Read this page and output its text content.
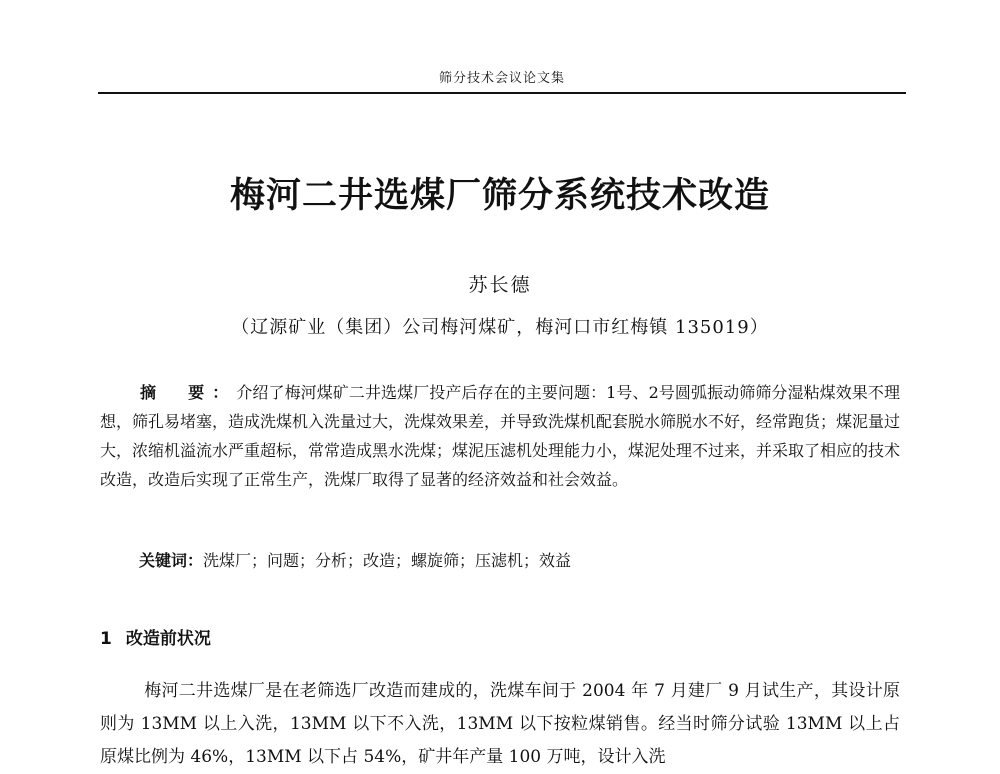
筛分技术会议论文集
梅河二井选煤厂筛分系统技术改造
苏长德
（辽源矿业（集团）公司梅河煤矿，梅河口市红梅镇 135019）

摘　要：介绍了梅河煤矿二井选煤厂投产后存在的主要问题：1号、2号圆弧振动筛筛分湿粘煤效果不理想，筛孔易堵塞，造成洗煤机入洗量过大，洗煤效果差，并导致洗煤机配套脱水筛脱水不好，经常跑货；煤泥量过大，浓缩机溢流水严重超标，常常造成黑水洗煤；煤泥压滤机处理能力小，煤泥处理不过来，并采取了相应的技术改造，改造后实现了正常生产，洗煤厂取得了显著的经济效益和社会效益。

关键词：洗煤厂；问题；分析；改造；螺旋筛；压滤机；效益

1 改造前状况

梅河二井选煤厂是在老筛选厂改造而建成的，洗煤车间于 2004 年 7 月建厂 9 月试生产，其设计原则为 13MM 以上入洗，13MM 以下不入洗，13MM 以下按粒煤销售。经当时筛分试验 13MM 以上占原煤比例为 46%，13MM 以下占 54%，矿井年产量 100 万吨，设计入洗
